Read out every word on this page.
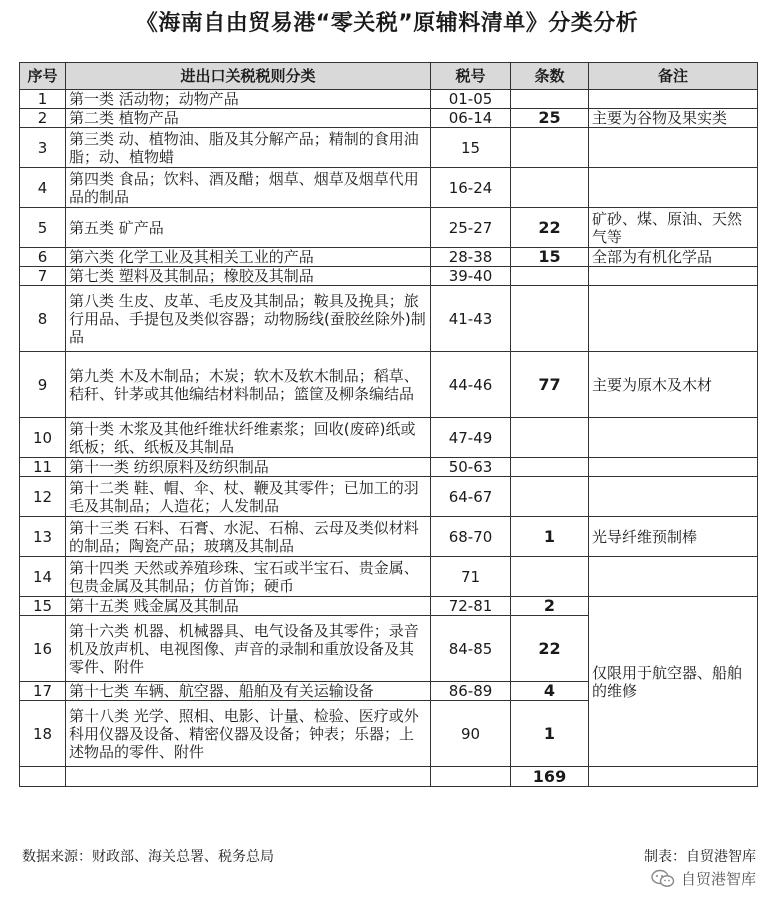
《海南自由贸易港“零关税”原辅料清单》分类分析
序号	进出口关税税则分类	税号	条数	备注
1	第一类 活动物；动物产品	01-05		
2	第二类 植物产品	06-14	25	主要为谷物及果实类
3	第三类 动、植物油、脂及其分解产品；精制的食用油脂；动、植物蜡	15		
4	第四类 食品；饮料、酒及醋；烟草、烟草及烟草代用品的制品	16-24		
5	第五类 矿产品	25-27	22	矿砂、煤、原油、天然气等
6	第六类 化学工业及其相关工业的产品	28-38	15	全部为有机化学品
7	第七类 塑料及其制品；橡胶及其制品	39-40		
8	第八类 生皮、皮革、毛皮及其制品；鞍具及挽具；旅行用品、手提包及类似容器；动物肠线(蚕胶丝除外)制品	41-43		
9	第九类 木及木制品；木炭；软木及软木制品；稻草、秸秆、针茅或其他编结材料制品；篮筐及柳条编结品	44-46	77	主要为原木及木材
10	第十类 木浆及其他纤维状纤维素浆；回收(废碎)纸或纸板；纸、纸板及其制品	47-49		
11	第十一类 纺织原料及纺织制品	50-63		
12	第十二类 鞋、帽、伞、杖、鞭及其零件；已加工的羽毛及其制品；人造花；人发制品	64-67		
13	第十三类 石料、石膏、水泥、石棉、云母及类似材料的制品；陶瓷产品；玻璃及其制品	68-70	1	光导纤维预制棒
14	第十四类 天然或养殖珍珠、宝石或半宝石、贵金属、包贵金属及其制品；仿首饰；硬币	71		
15	第十五类 贱金属及其制品	72-81	2	仅限用于航空器、船舶的维修
16	第十六类 机器、机械器具、电气设备及其零件；录音机及放声机、电视图像、声音的录制和重放设备及其零件、附件	84-85	22	
17	第十七类 车辆、航空器、船舶及有关运输设备	86-89	4	
18	第十八类 光学、照相、电影、计量、检验、医疗或外科用仪器及设备、精密仪器及设备；钟表；乐器；上述物品的零件、附件	90	1	
			169	
数据来源：财政部、海关总署、税务总局	制表：自贸港智库
自贸港智库
